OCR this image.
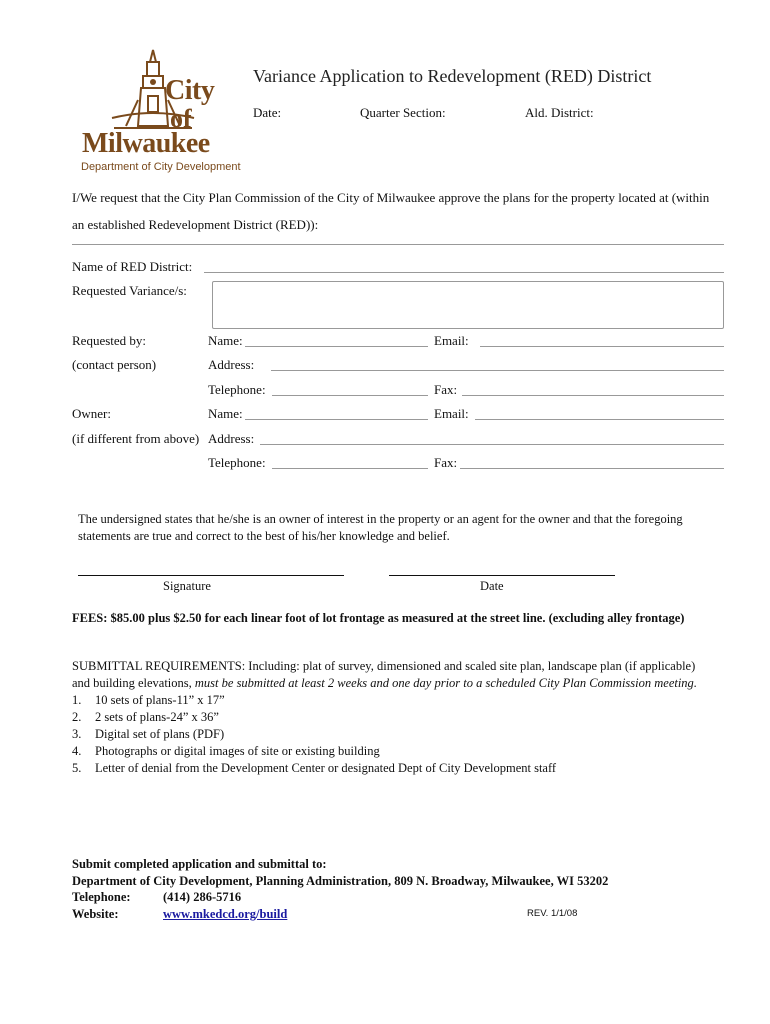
City
of
Milwaukee
Department of City Development
Variance Application to Redevelopment (RED) District
Date:	Quarter Section:	Ald. District:
I/We request that the City Plan Commission of the City of Milwaukee approve the plans for the property located at (within an established Redevelopment District (RED)):
Name of RED District:
Requested Variance/s:
Requested by:	Name:	Email:
(contact person)	Address:
Telephone:	Fax:
Owner:	Name:	Email:
(if different from above) Address:
Telephone:	Fax:
The undersigned states that he/she is an owner of interest in the property or an agent for the owner and that the foregoing statements are true and correct to the best of his/her knowledge and belief.
Signature	Date
FEES: $85.00 plus $2.50 for each linear foot of lot frontage as measured at the street line. (excluding alley frontage)
SUBMITTAL REQUIREMENTS: Including: plat of survey, dimensioned and scaled site plan, landscape plan (if applicable) and building elevations, must be submitted at least 2 weeks and one day prior to a scheduled City Plan Commission meeting.
1.	10 sets of plans-11” x 17”
2.	2 sets of plans-24” x 36”
3.	Digital set of plans (PDF)
4.	Photographs or digital images of site or existing building
5.	Letter of denial from the Development Center or designated Dept of City Development staff
Submit completed application and submittal to:
Department of City Development, Planning Administration, 809 N. Broadway, Milwaukee, WI 53202
Telephone:	(414) 286-5716
Website:	www.mkedcd.org/build	REV. 1/1/08
